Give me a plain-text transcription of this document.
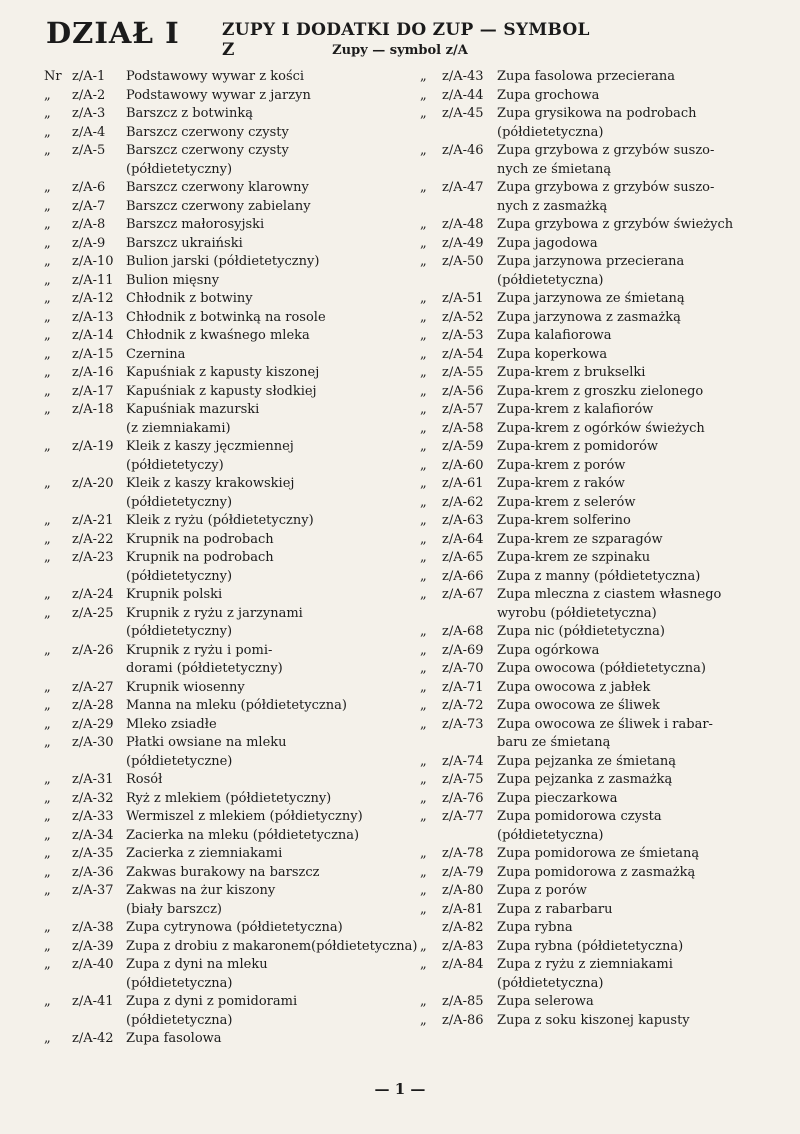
DZIAŁ I ZUPY I DODATKI DO ZUP — SYMBOL Z	Zupy — symbol z/A
Nr z/A-1	Podstawowy wywar z kości
„	z/A-2	Podstawowy wywar z jarzyn
„	z/A-3	Barszcz z botwinką
„	z/A-4	Barszcz czerwony czysty
„	z/A-5	Barszcz czerwony czysty
(półdietetyczny)
„	z/A-6	Barszcz czerwony klarowny
„	z/A-7	Barszcz czerwony zabielany
„	z/A-8	Barszcz małorosyjski
„	z/A-9	Barszcz ukraiński
„	z/A-10 Bulion jarski (półdietetyczny)
„	z/A-11 Bulion mięsny
„	z/A-12 Chłodnik z botwiny
„	z/A-13 Chłodnik z botwinką na rosole
„	z/A-14 Chłodnik z kwaśnego mleka
„	z/A-15 Czernina
„	z/A-16 Kapuśniak z kapusty kiszonej
„	z/A-17 Kapuśniak z kapusty słodkiej
„	z/A-18 Kapuśniak mazurski
(z ziemniakami)
„	z/A-19 Kleik z kaszy jęczmiennej
(półdietetyczy)
„	z/A-20 Kleik z kaszy krakowskiej
(półdietetyczny)
„	z/A-21 Kleik z ryżu (półdietetyczny)
„	z/A-22 Krupnik na podrobach
„	z/A-23 Krupnik na podrobach
(półdietetyczny)
„	z/A-24 Krupnik polski
„	z/A-25 Krupnik z ryżu z jarzynami
(półdietetyczny)
„	z/A-26 Krupnik z ryżu i pomi-
dorami (półdietetyczny)
„	z/A-27 Krupnik wiosenny
„	z/A-28 Manna na mleku (półdietetyczna)
„	z/A-29 Mleko zsiadłe
„	z/A-30 Płatki owsiane na mleku
(półdietetyczne)
„	z/A-31 Rosół
„	z/A-32 Ryż z mlekiem (półdietetyczny)
„	z/A-33 Wermiszel z mlekiem (półdietyczny)
„	z/A-34 Zacierka na mleku (półdietetyczna)
„	z/A-35 Zacierka z ziemniakami
„	z/A-36 Zakwas burakowy na barszcz
„	z/A-37 Zakwas na żur kiszony
(biały barszcz)
„	z/A-38 Zupa cytrynowa (półdietetyczna)
„	z/A-39 Zupa z drobiu z makaronem(półdietetyczna)
„	z/A-40 Zupa z dyni na mleku
(półdietetyczna)
„	z/A-41 Zupa z dyni z pomidorami
(półdietetyczna)
„	z/A-42 Zupa fasolowa
„	z/A-43	Zupa fasolowa przecierana
„	z/A-44	Zupa grochowa
„	z/A-45	Zupa grysikowa na podrobach
(półdietetyczna)
„	z/A-46	Zupa grzybowa z grzybów suszo-
nych ze śmietaną
„	z/A-47	Zupa grzybowa z grzybów suszo-
nych z zasmażką
„	z/A-48	Zupa grzybowa z grzybów świeżych
„	z/A-49	Zupa jagodowa
„	z/A-50	Zupa jarzynowa przecierana
(półdietetyczna)
„	z/A-51	Zupa jarzynowa ze śmietaną
„	z/A-52	Zupa jarzynowa z zasmażką
„	z/A-53	Zupa kalafiorowa
„	z/A-54	Zupa koperkowa
„	z/A-55	Zupa-krem z brukselki
„	z/A-56	Zupa-krem z groszku zielonego
„	z/A-57	Zupa-krem z kalafiorów
„	z/A-58	Zupa-krem z ogórków świeżych
„	z/A-59	Zupa-krem z pomidorów
„	z/A-60	Zupa-krem z porów
„	z/A-61	Zupa-krem z raków
„	z/A-62	Zupa-krem z selerów
„	z/A-63	Zupa-krem solferino
„	z/A-64	Zupa-krem ze szparagów
„	z/A-65	Zupa-krem ze szpinaku
„	z/A-66	Zupa z manny (półdietetyczna)
„	z/A-67	Zupa mleczna z ciastem własnego
wyrobu (półdietetyczna)
„	z/A-68	Zupa nic (półdietetyczna)
„	z/A-69	Zupa ogórkowa
„	z/A-70	Zupa owocowa (półdietetyczna)
„	z/A-71	Zupa owocowa z jabłek
„	z/A-72	Zupa owocowa ze śliwek
„	z/A-73	Zupa owocowa ze śliwek i rabar-
baru ze śmietaną
„	z/A-74	Zupa pejzanka ze śmietaną
„	z/A-75	Zupa pejzanka z zasmażką
„	z/A-76	Zupa pieczarkowa
„	z/A-77	Zupa pomidorowa czysta
(półdietetyczna)
„	z/A-78	Zupa pomidorowa ze śmietaną
„	z/A-79	Zupa pomidorowa z zasmażką
„	z/A-80	Zupa z porów
„	z/A-81	Zupa z rabarbaru
z/A-82	Zupa rybna
„	z/A-83	Zupa rybna (półdietetyczna)
„	z/A-84	Zupa z ryżu z ziemniakami
(półdietetyczna)
„	z/A-85	Zupa selerowa
„	z/A-86	Zupa z soku kiszonej kapusty
— 1 —
